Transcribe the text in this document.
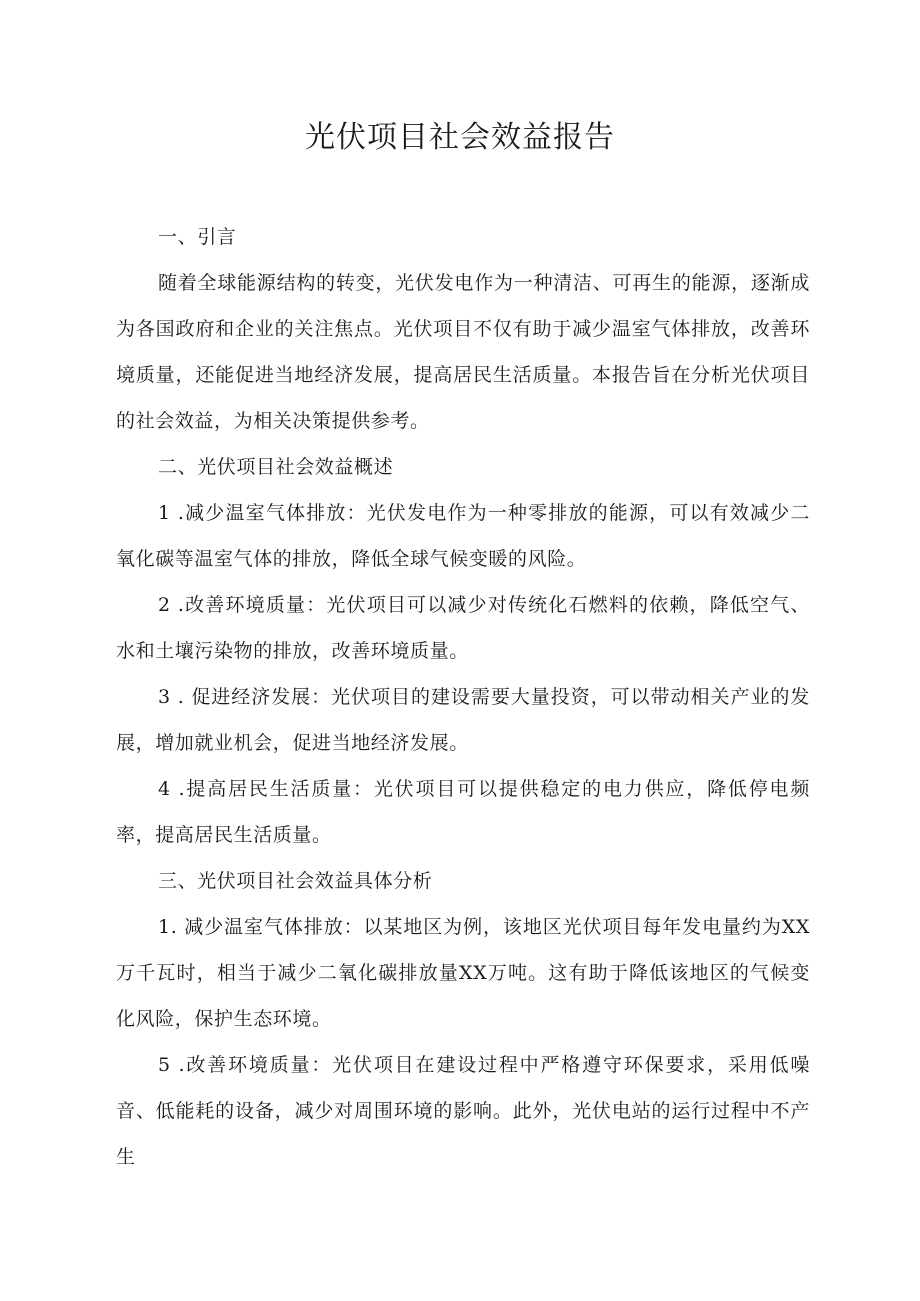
光伏项目社会效益报告

一、引言

随着全球能源结构的转变，光伏发电作为一种清洁、可再生的能源，逐渐成为各国政府和企业的关注焦点。光伏项目不仅有助于减少温室气体排放，改善环境质量，还能促进当地经济发展，提高居民生活质量。本报告旨在分析光伏项目的社会效益，为相关决策提供参考。

二、光伏项目社会效益概述

1 .减少温室气体排放：光伏发电作为一种零排放的能源，可以有效减少二氧化碳等温室气体的排放，降低全球气候变暖的风险。

2 .改善环境质量：光伏项目可以减少对传统化石燃料的依赖，降低空气、水和土壤污染物的排放，改善环境质量。

3 . 促进经济发展：光伏项目的建设需要大量投资，可以带动相关产业的发展，增加就业机会，促进当地经济发展。

4 .提高居民生活质量：光伏项目可以提供稳定的电力供应，降低停电频率，提高居民生活质量。

三、光伏项目社会效益具体分析

1. 减少温室气体排放：以某地区为例，该地区光伏项目每年发电量约为XX万千瓦时，相当于减少二氧化碳排放量XX万吨。这有助于降低该地区的气候变化风险，保护生态环境。

5 .改善环境质量：光伏项目在建设过程中严格遵守环保要求，采用低噪音、低能耗的设备，减少对周围环境的影响。此外，光伏电站的运行过程中不产生
